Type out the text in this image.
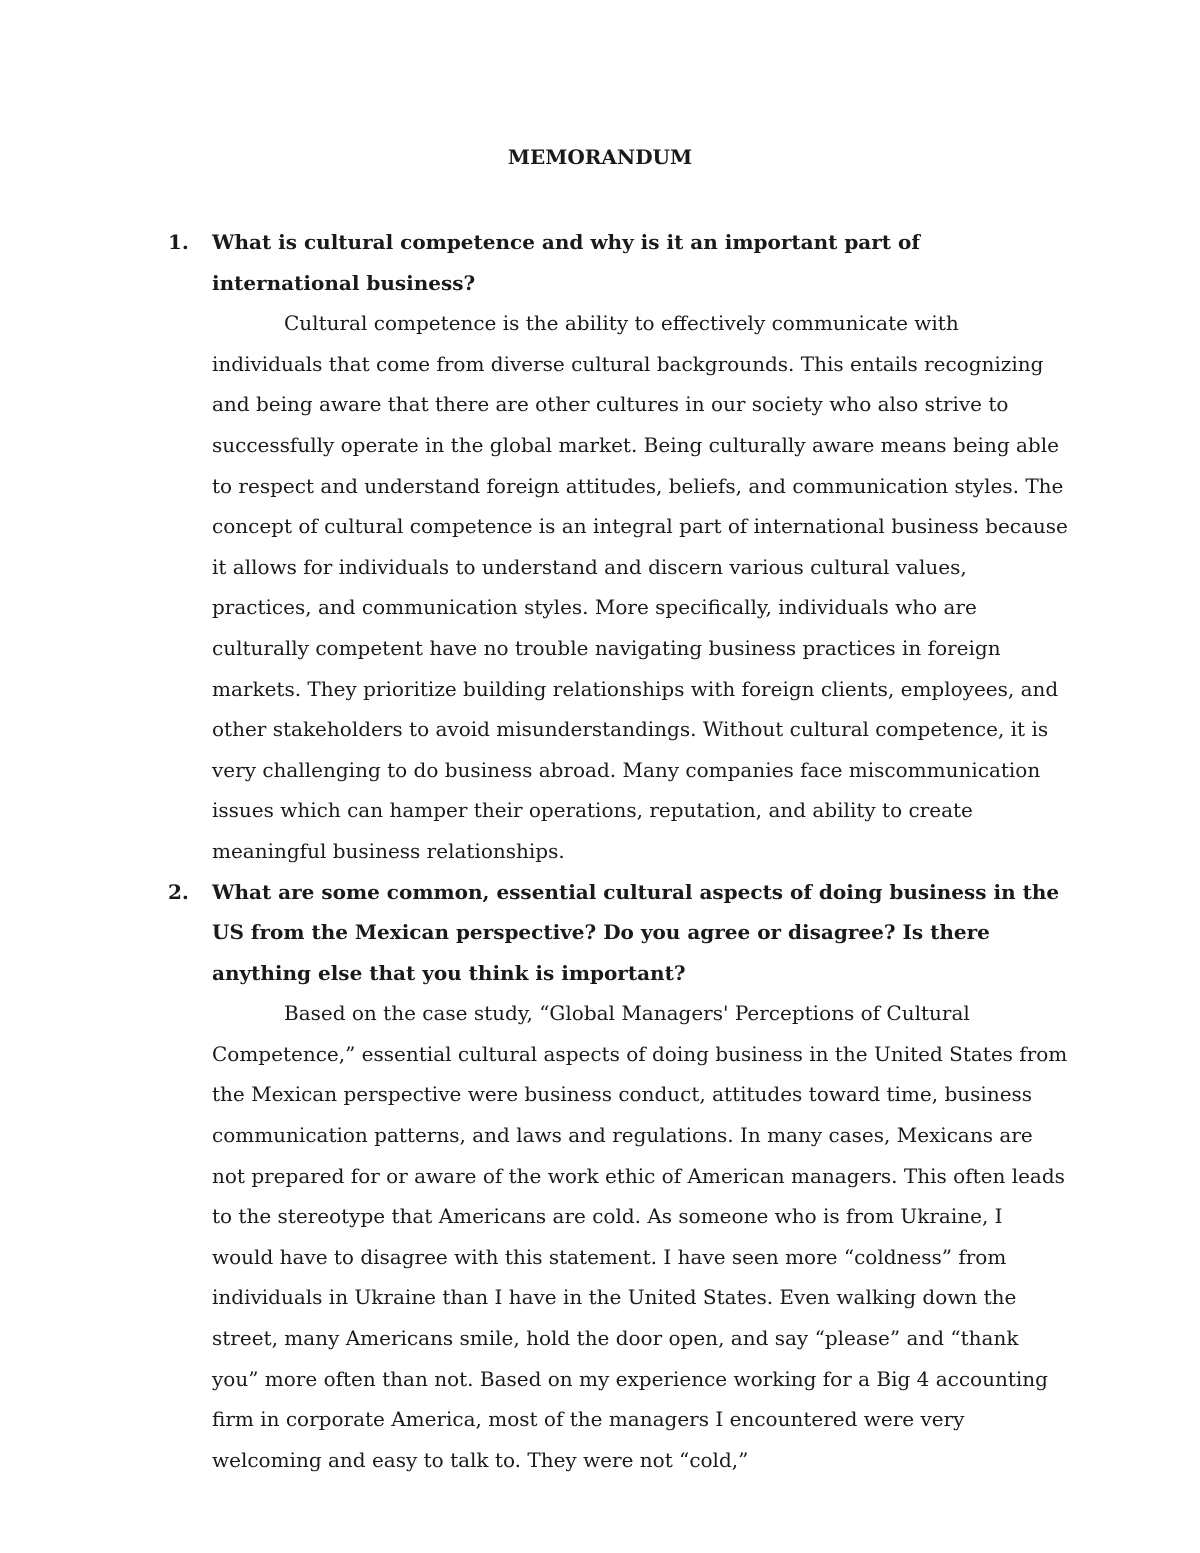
MEMORANDUM
1. What is cultural competence and why is it an important part of international business?

Cultural competence is the ability to effectively communicate with individuals that come from diverse cultural backgrounds. This entails recognizing and being aware that there are other cultures in our society who also strive to successfully operate in the global market. Being culturally aware means being able to respect and understand foreign attitudes, beliefs, and communication styles. The concept of cultural competence is an integral part of international business because it allows for individuals to understand and discern various cultural values, practices, and communication styles. More specifically, individuals who are culturally competent have no trouble navigating business practices in foreign markets. They prioritize building relationships with foreign clients, employees, and other stakeholders to avoid misunderstandings. Without cultural competence, it is very challenging to do business abroad. Many companies face miscommunication issues which can hamper their operations, reputation, and ability to create meaningful business relationships.

2. What are some common, essential cultural aspects of doing business in the US from the Mexican perspective? Do you agree or disagree? Is there anything else that you think is important?

Based on the case study, “Global Managers' Perceptions of Cultural Competence,” essential cultural aspects of doing business in the United States from the Mexican perspective were business conduct, attitudes toward time, business communication patterns, and laws and regulations. In many cases, Mexicans are not prepared for or aware of the work ethic of American managers. This often leads to the stereotype that Americans are cold. As someone who is from Ukraine, I would have to disagree with this statement. I have seen more “coldness” from individuals in Ukraine than I have in the United States. Even walking down the street, many Americans smile, hold the door open, and say “please” and “thank you” more often than not. Based on my experience working for a Big 4 accounting firm in corporate America, most of the managers I encountered were very welcoming and easy to talk to. They were not “cold,”
